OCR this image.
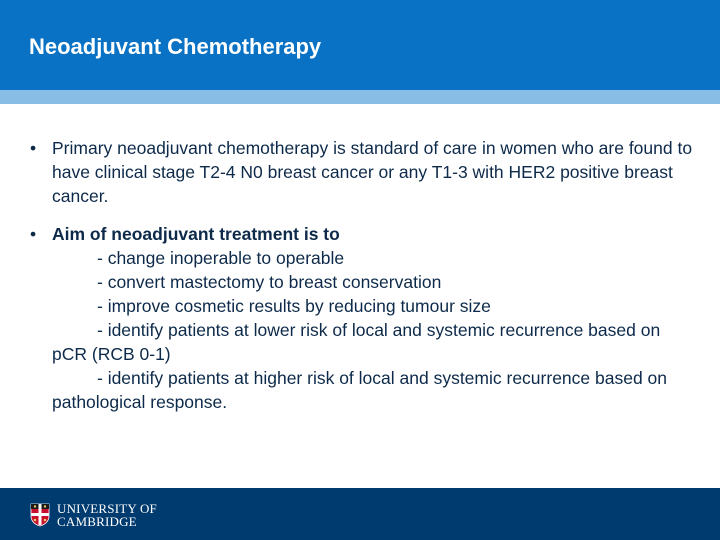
Neoadjuvant Chemotherapy
• Primary neoadjuvant chemotherapy is standard of care in women who are found to have clinical stage T2-4 N0 breast cancer or any T1-3 with HER2 positive breast cancer.
• Aim of neoadjuvant treatment is to
- change inoperable to operable
- convert mastectomy to breast conservation
- improve cosmetic results by reducing tumour size
- identify patients at lower risk of local and systemic recurrence based on pCR (RCB 0-1)
- identify patients at higher risk of local and systemic recurrence based on pathological response.
UNIVERSITY OF
CAMBRIDGE
